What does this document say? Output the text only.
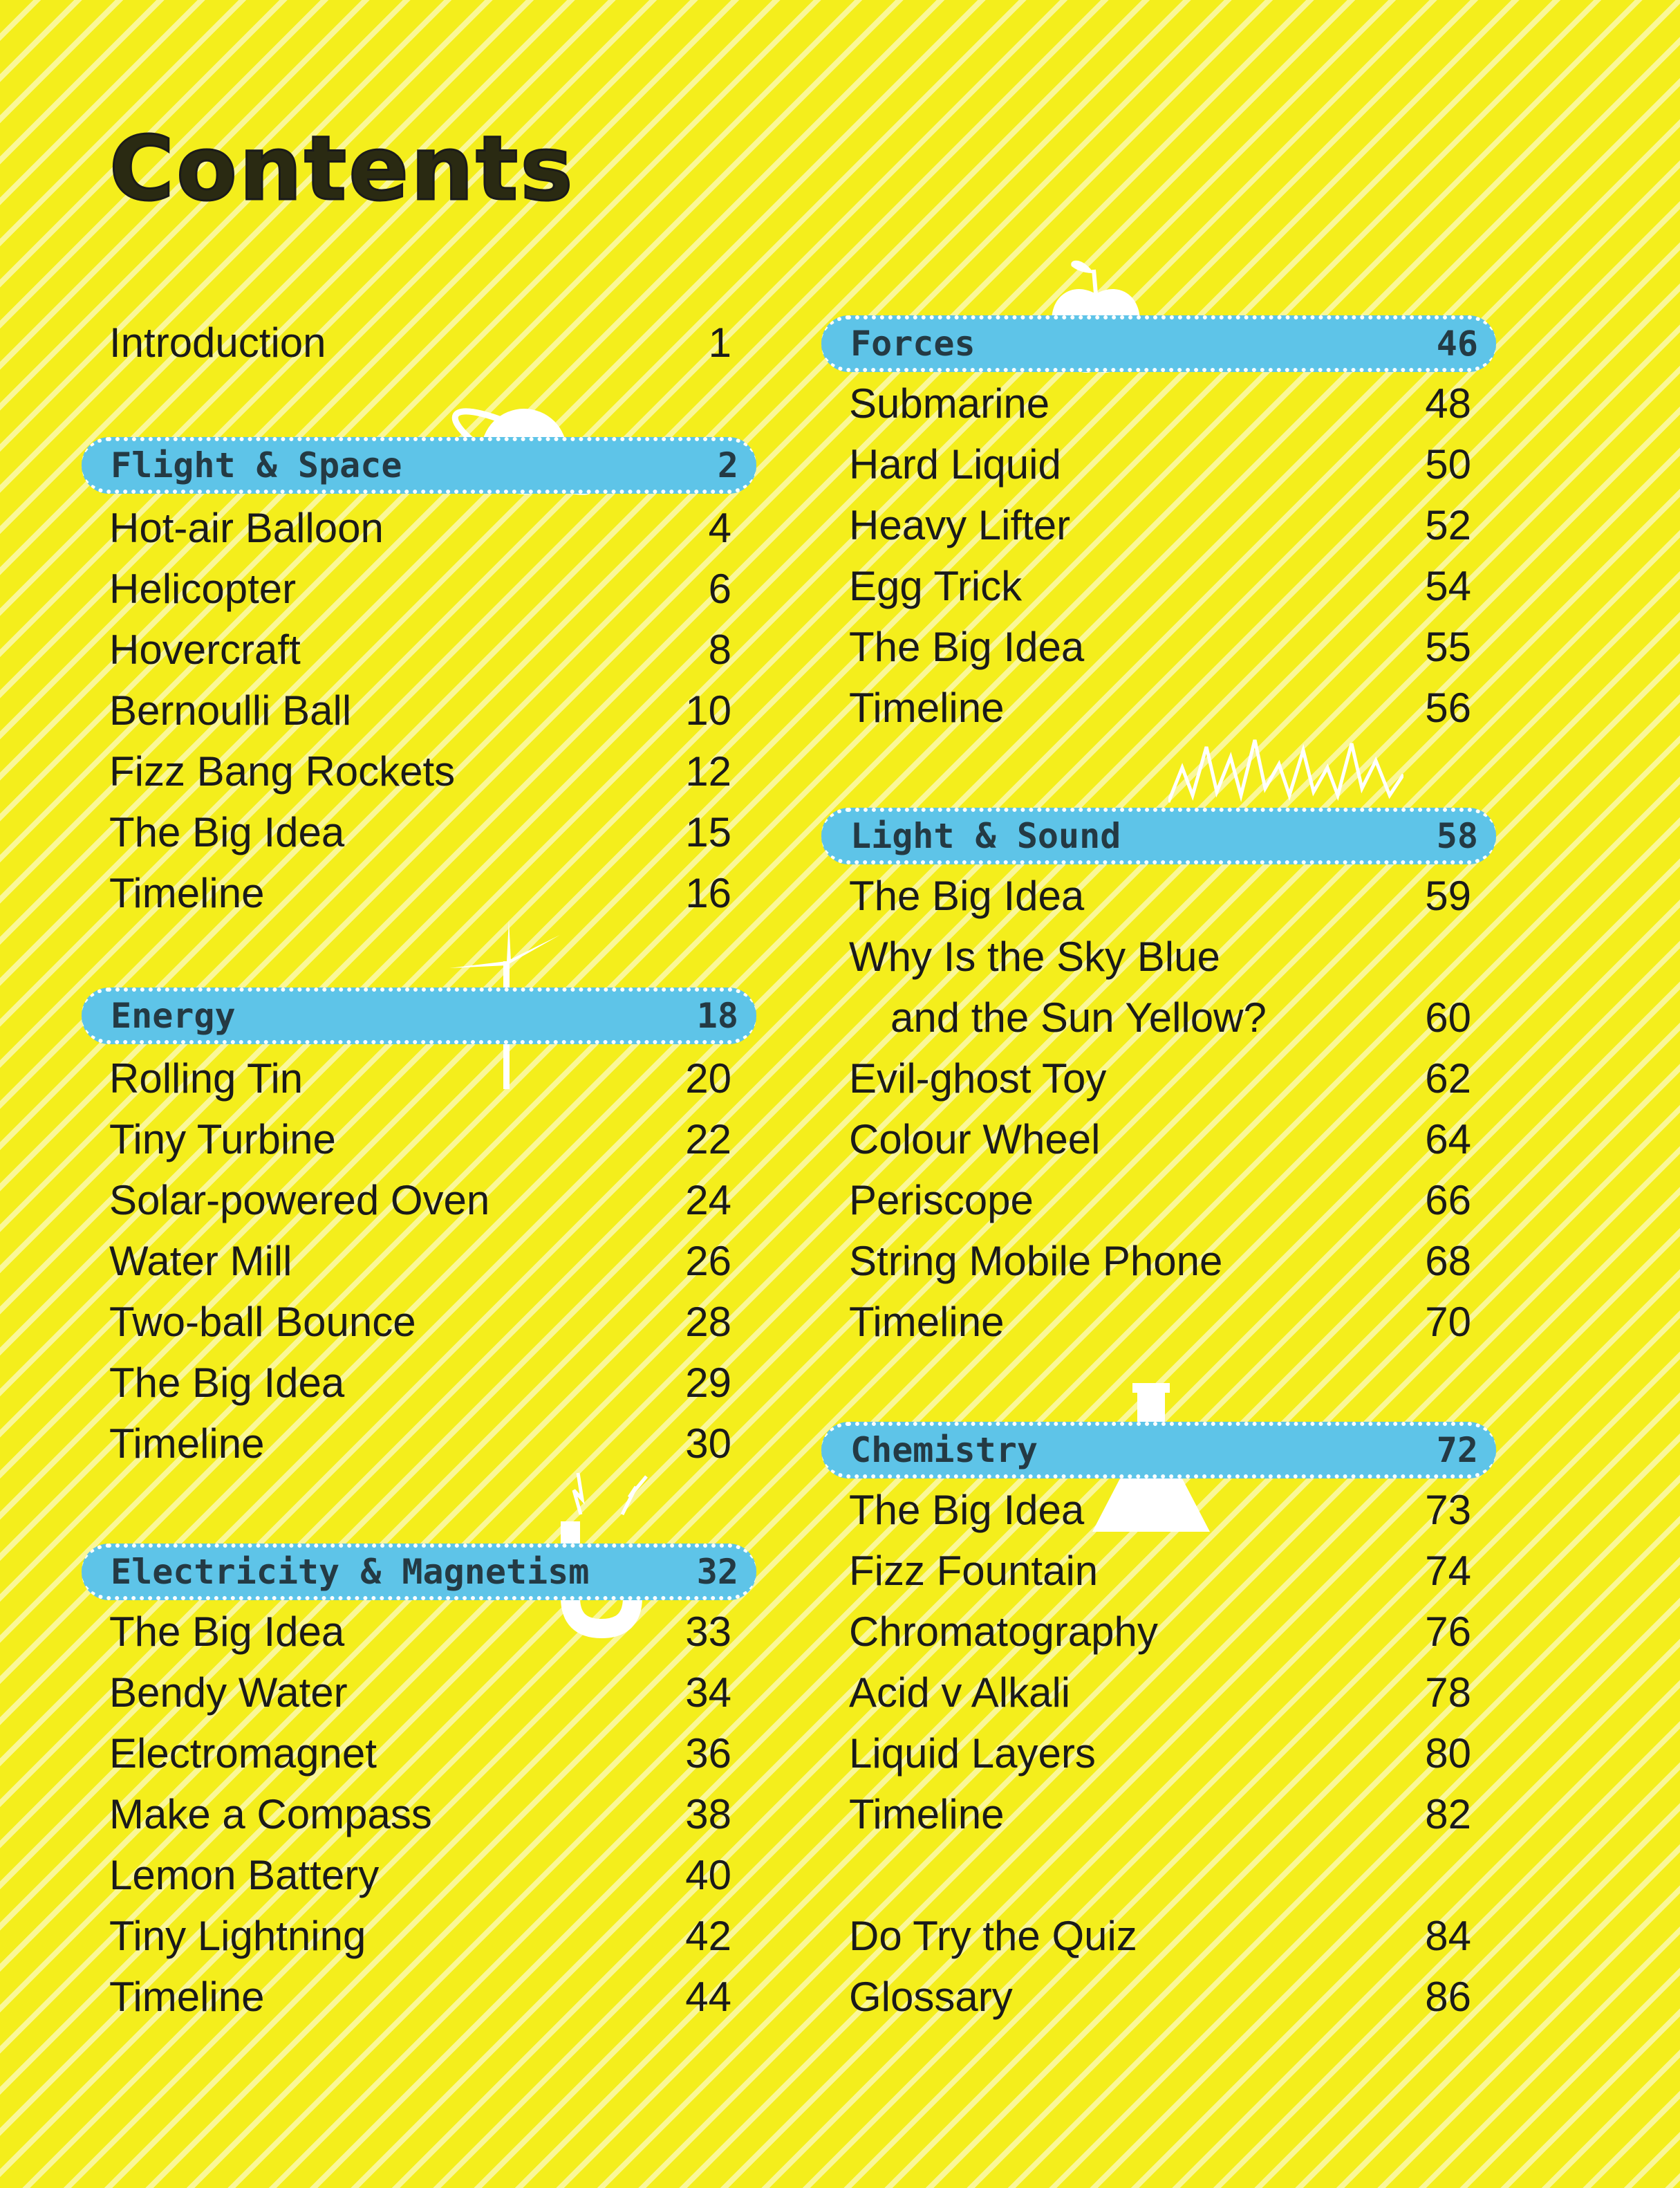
Contents
Introduction	1
Flight & Space	2
Hot-air Balloon	4
Helicopter	6
Hovercraft	8
Bernoulli Ball	10
Fizz Bang Rockets	12
The Big Idea	15
Timeline	16
Energy	18
Rolling Tin	20
Tiny Turbine	22
Solar-powered Oven	24
Water Mill	26
Two-ball Bounce	28
The Big Idea	29
Timeline	30
Electricity & Magnetism	32
The Big Idea	33
Bendy Water	34
Electromagnet	36
Make a Compass	38
Lemon Battery	40
Tiny Lightning	42
Timeline	44
Forces	46
Submarine	48
Hard Liquid	50
Heavy Lifter	52
Egg Trick	54
The Big Idea	55
Timeline	56
Light & Sound	58
The Big Idea	59
Why Is the Sky Blue
and the Sun Yellow?	60
Evil-ghost Toy	62
Colour Wheel	64
Periscope	66
String Mobile Phone	68
Timeline	70
Chemistry	72
The Big Idea	73
Fizz Fountain	74
Chromatography	76
Acid v Alkali	78
Liquid Layers	80
Timeline	82
Do Try the Quiz	84
Glossary	86
